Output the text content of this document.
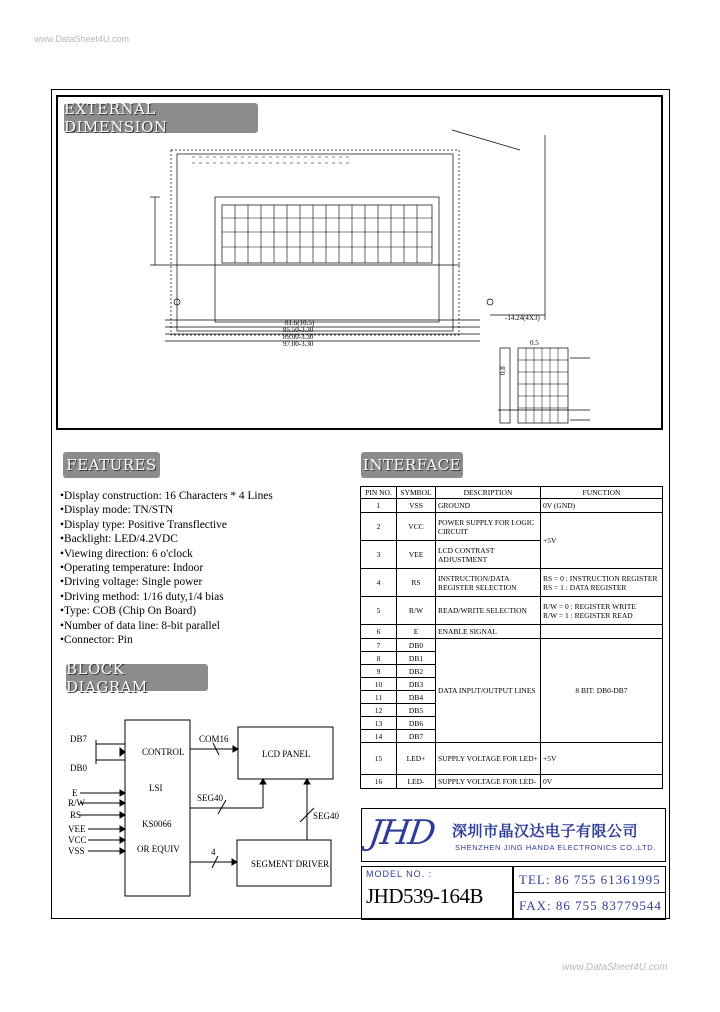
www.DataSheet4U.com
www.DataSheet4U.com
EXTERNAL DIMENSION
81.6(10.5)
85.50-3.30
89.00-3.30
97.00-3.30
-14.24(4X3)
0.5
0.8
FEATURES
•Display construction: 16 Characters * 4 Lines
•Display mode: TN/STN
•Display type: Positive Transflective
•Backlight: LED/4.2VDC
•Viewing direction: 6 o'clock
•Operating temperature: Indoor
•Driving voltage: Single power
•Driving method: 1/16 duty,1/4 bias
•Type: COB (Chip On Board)
•Number of data line: 8-bit parallel
•Connector: Pin
INTERFACE
PIN NO.	SYMBOL	DESCRIPTION	FUNCTION
1	VSS	GROUND	0V (GND)
2	VCC	POWER SUPPLY FOR LOGIC CIRCUIT	+5V
3	VEE	LCD CONTRAST ADJUSTMENT	
4	RS	INSTRUCTION/DATA REGISTER SELECTION	RS = 0 : INSTRUCTION REGISTER
RS = 1 : DATA REGISTER
5	R/W	READ/WRITE SELECTION	R/W = 0 : REGISTER WRITE
R/W = 1 : REGISTER READ
6	E	ENABLE SIGNAL	
7	DB0	DATA INPUT/OUTPUT LINES	8 BIT: DB0-DB7
8	DB1		
9	DB2		
10	DB3		
11	DB4		
12	DB5		
13	DB6		
14	DB7		
15	LED+	SUPPLY VOLTAGE FOR LED+	+5V
16	LED-	SUPPLY VOLTAGE FOR LED-	0V
BLOCK DIAGRAM
DB7
DB0
E
R/W
RS
VEE
VCC
VSS
CONTROL
LSI
KS0066
OR EQUIV
COM16
SEG40
SEG40
4
LCD PANEL
SEGMENT DRIVER
JHD 深圳市晶汉达电子有限公司
SHENZHEN JING HANDA ELECTRONICS CO.,LTD.
MODEL NO. :
JHD539-164B
TEL: 86 755 61361995
FAX: 86 755 83779544
